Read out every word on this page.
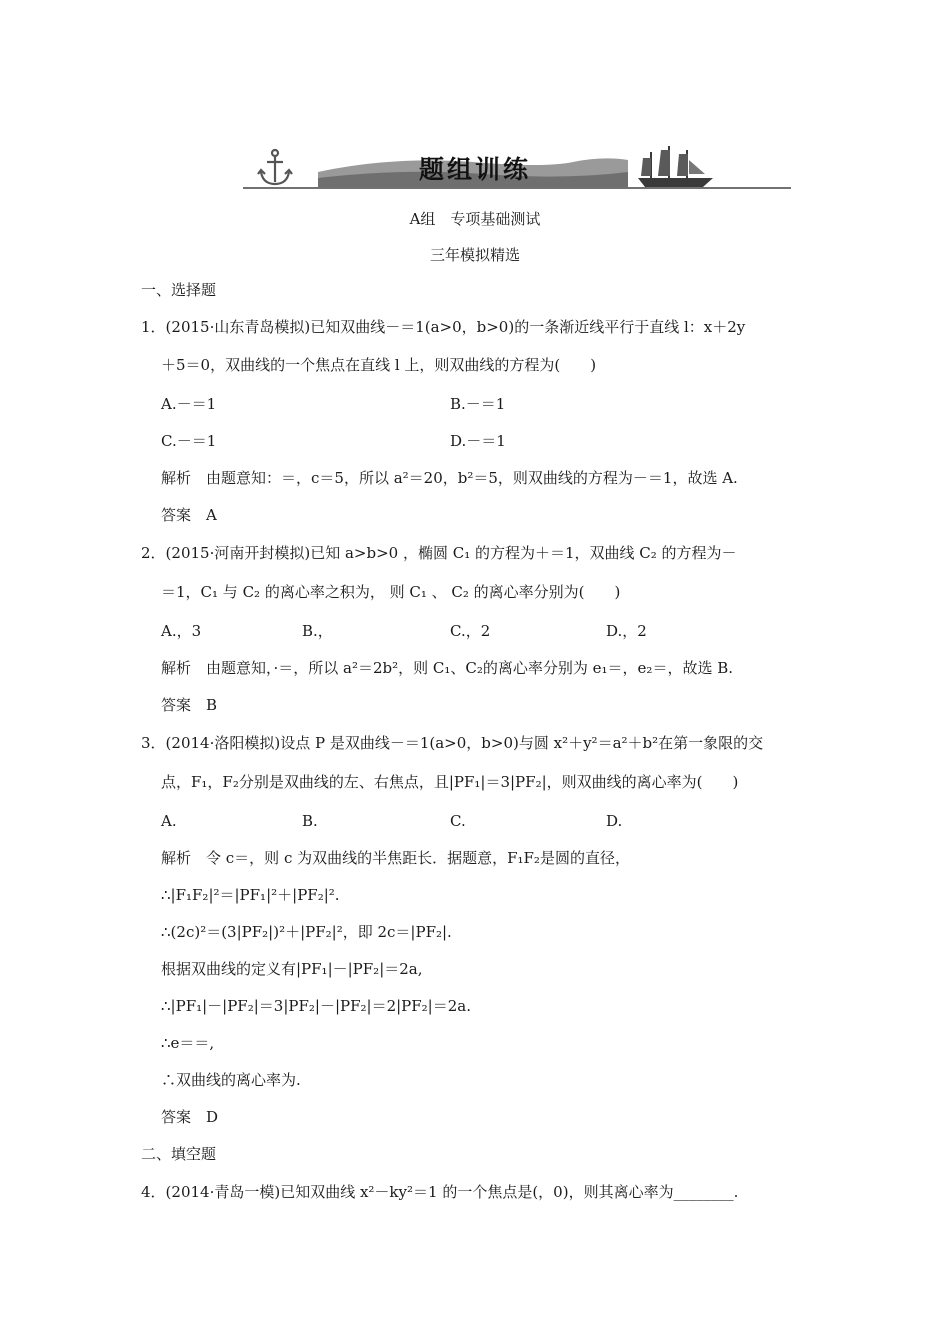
题组训练
A组　专项基础测试
三年模拟精选
一、选择题
1．(2015·山东青岛模拟)已知双曲线－＝1(a>0，b>0)的一条渐近线平行于直线 l：x＋2y
＋5＝0，双曲线的一个焦点在直线 l 上，则双曲线的方程为(　　)
A.－＝1	B.－＝1
C.－＝1	D.－＝1
解析　由题意知：＝，c＝5，所以 a²＝20，b²＝5，则双曲线的方程为－＝1，故选 A.
答案　A
2．(2015·河南开封模拟)已知 a>b>0 ，椭圆 C₁ 的方程为＋＝1，双曲线 C₂ 的方程为－
＝1，C₁ 与 C₂ 的离心率之积为， 则 C₁ 、 C₂ 的离心率分别为(　　)
A.，3	B.，	C.，2	D.，2
解析　由题意知，·＝，所以 a²＝2b²，则 C₁、C₂的离心率分别为 e₁＝，e₂＝，故选 B.
答案　B
3．(2014·洛阳模拟)设点 P 是双曲线－＝1(a>0，b>0)与圆 x²＋y²＝a²＋b²在第一象限的交
点，F₁，F₂分别是双曲线的左、右焦点，且|PF₁|＝3|PF₂|，则双曲线的离心率为(　　)
A.	B.	C.	D.
解析　令 c＝，则 c 为双曲线的半焦距长．据题意，F₁F₂是圆的直径，
∴|F₁F₂|²＝|PF₁|²＋|PF₂|².
∴(2c)²＝(3|PF₂|)²＋|PF₂|²，即 2c＝|PF₂|.
根据双曲线的定义有|PF₁|－|PF₂|＝2a,
∴|PF₁|－|PF₂|＝3|PF₂|－|PF₂|＝2|PF₂|＝2a.
∴e＝＝,
∴双曲线的离心率为.
答案　D
二、填空题
4．(2014·青岛一模)已知双曲线 x²－ky²＝1 的一个焦点是(，0)，则其离心率为________.
